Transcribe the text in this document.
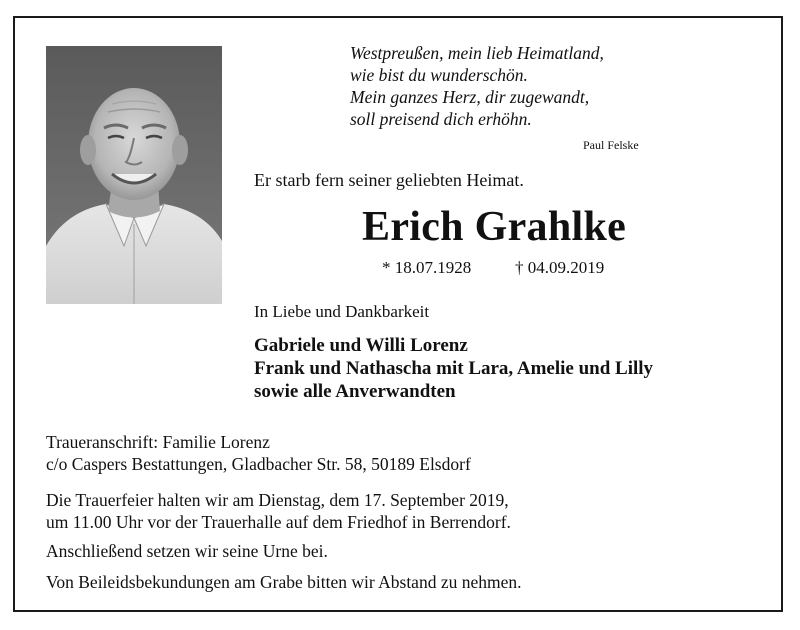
Westpreußen, mein lieb Heimatland,
wie bist du wunderschön.
Mein ganzes Herz, dir zugewandt,
soll preisend dich erhöhn.
Paul Felske
Er starb fern seiner geliebten Heimat.
Erich Grahlke
* 18.07.1928	† 04.09.2019
In Liebe und Dankbarkeit
Gabriele und Willi Lorenz
Frank und Nathascha mit Lara, Amelie und Lilly
sowie alle Anverwandten
Traueranschrift: Familie Lorenz
c/o Caspers Bestattungen, Gladbacher Str. 58, 50189 Elsdorf
Die Trauerfeier halten wir am Dienstag, dem 17. September 2019,
um 11.00 Uhr vor der Trauerhalle auf dem Friedhof in Berrendorf.
Anschließend setzen wir seine Urne bei.
Von Beileidsbekundungen am Grabe bitten wir Abstand zu nehmen.
